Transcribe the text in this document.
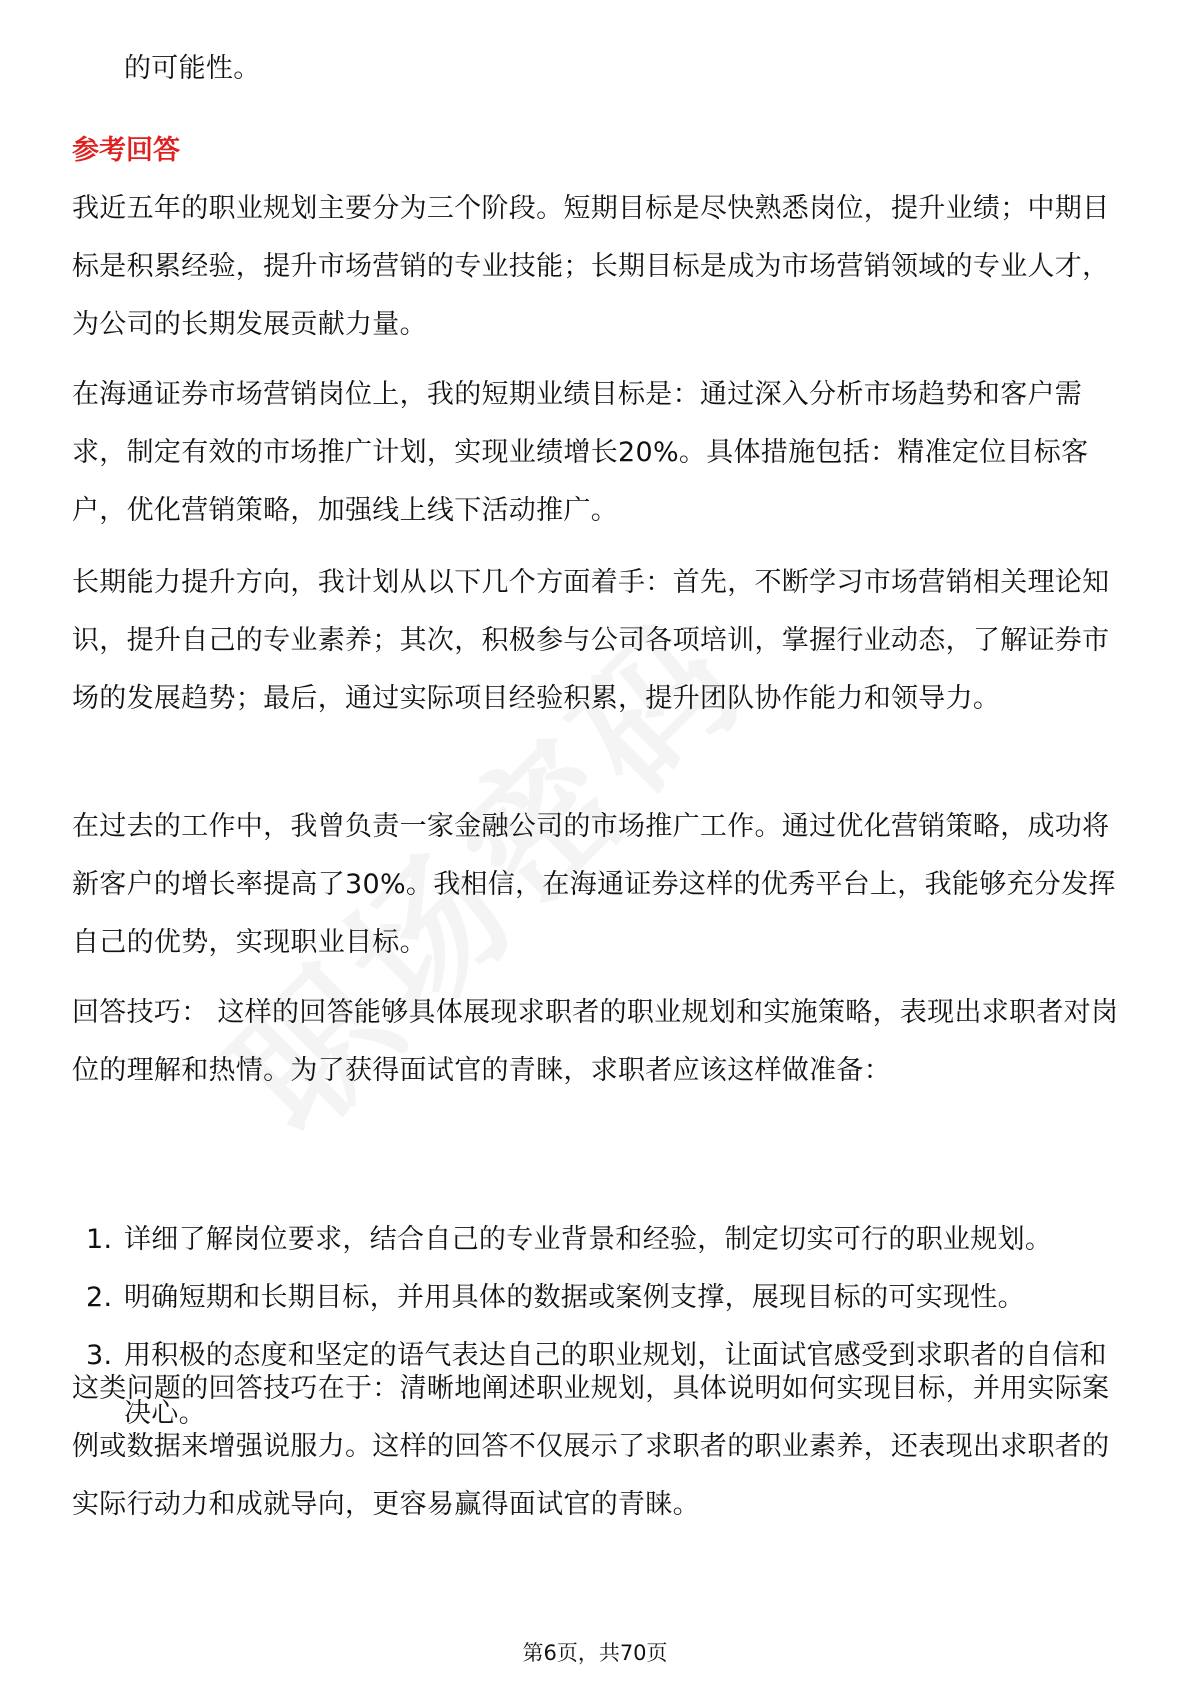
的可能性。

参考回答

我近五年的职业规划主要分为三个阶段。短期目标是尽快熟悉岗位，提升业绩；中期目标是积累经验，提升市场营销的专业技能；长期目标是成为市场营销领域的专业人才，为公司的长期发展贡献力量。

在海通证券市场营销岗位上，我的短期业绩目标是：通过深入分析市场趋势和客户需求，制定有效的市场推广计划，实现业绩增长20%。具体措施包括：精准定位目标客户，优化营销策略，加强线上线下活动推广。

长期能力提升方向，我计划从以下几个方面着手：首先，不断学习市场营销相关理论知识，提升自己的专业素养；其次，积极参与公司各项培训，掌握行业动态，了解证券市场的发展趋势；最后，通过实际项目经验积累，提升团队协作能力和领导力。

在过去的工作中，我曾负责一家金融公司的市场推广工作。通过优化营销策略，成功将新客户的增长率提高了30%。我相信，在海通证券这样的优秀平台上，我能够充分发挥自己的优势，实现职业目标。

回答技巧： 这样的回答能够具体展现求职者的职业规划和实施策略，表现出求职者对岗位的理解和热情。为了获得面试官的青睐，求职者应该这样做准备：

1. 详细了解岗位要求，结合自己的专业背景和经验，制定切实可行的职业规划。
2. 明确短期和长期目标，并用具体的数据或案例支撑，展现目标的可实现性。
3. 用积极的态度和坚定的语气表达自己的职业规划，让面试官感受到求职者的自信和决心。

这类问题的回答技巧在于：清晰地阐述职业规划，具体说明如何实现目标，并用实际案例或数据来增强说服力。这样的回答不仅展示了求职者的职业素养，还表现出求职者的实际行动力和成就导向，更容易赢得面试官的青睐。

第6页，共70页
